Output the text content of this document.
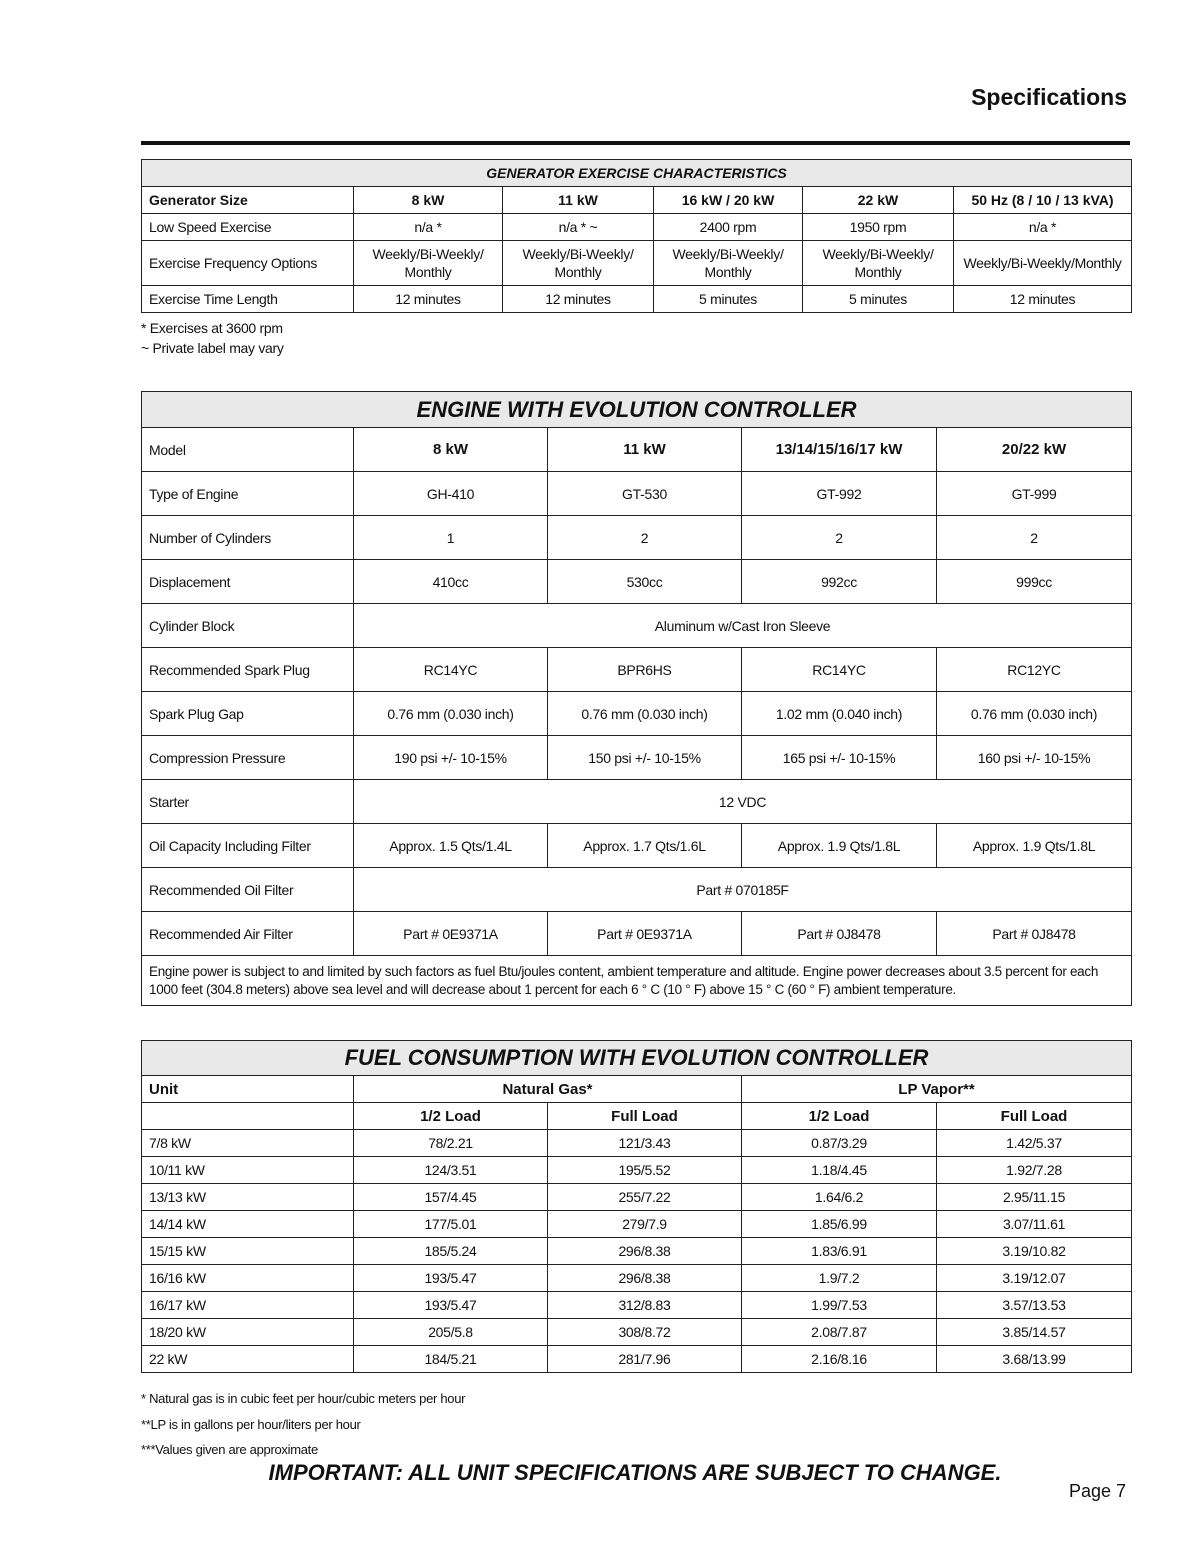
Specifications
GENERATOR EXERCISE CHARACTERISTICS					
Generator Size	8 kW	11 kW	16 kW / 20 kW	22 kW	50 Hz (8 / 10 / 13 kVA)
Low Speed Exercise	n/a *	n/a * ~	2400 rpm	1950 rpm	n/a *
Exercise Frequency Options	Weekly/Bi-Weekly/ Monthly	Weekly/Bi-Weekly/ Monthly	Weekly/Bi-Weekly/ Monthly	Weekly/Bi-Weekly/ Monthly	Weekly/Bi-Weekly/Monthly
Exercise Time Length	12 minutes	12 minutes	5 minutes	5 minutes	12 minutes
* Exercises at 3600 rpm
~ Private label may vary
ENGINE WITH EVOLUTION CONTROLLER				
Model	8 kW	11 kW	13/14/15/16/17 kW	20/22 kW
Type of Engine	GH-410	GT-530	GT-992	GT-999
Number of Cylinders	1	2	2	2
Displacement	410cc	530cc	992cc	999cc
Cylinder Block	Aluminum w/Cast Iron Sleeve			
Recommended Spark Plug	RC14YC	BPR6HS	RC14YC	RC12YC
Spark Plug Gap	0.76 mm (0.030 inch)	0.76 mm (0.030 inch)	1.02 mm (0.040 inch)	0.76 mm (0.030 inch)
Compression Pressure	190 psi +/- 10-15%	150 psi +/- 10-15%	165 psi +/- 10-15%	160 psi +/- 10-15%
Starter	12 VDC			
Oil Capacity Including Filter	Approx. 1.5 Qts/1.4L	Approx. 1.7 Qts/1.6L	Approx. 1.9 Qts/1.8L	Approx. 1.9 Qts/1.8L
Recommended Oil Filter	Part # 070185F			
Recommended Air Filter	Part # 0E9371A	Part # 0E9371A	Part # 0J8478	Part # 0J8478
Engine power is subject to and limited by such factors as fuel Btu/joules content, ambient temperature and altitude. Engine power decreases about 3.5 percent for each 1000 feet (304.8 meters) above sea level and will decrease about 1 percent for each 6 ° C (10 ° F) above 15 ° C (60 ° F) ambient temperature.				
FUEL CONSUMPTION WITH EVOLUTION CONTROLLER				
Unit	Natural Gas*		LP Vapor**	
	1/2 Load	Full Load	1/2 Load	Full Load
7/8 kW	78/2.21	121/3.43	0.87/3.29	1.42/5.37
10/11 kW	124/3.51	195/5.52	1.18/4.45	1.92/7.28
13/13 kW	157/4.45	255/7.22	1.64/6.2	2.95/11.15
14/14 kW	177/5.01	279/7.9	1.85/6.99	3.07/11.61
15/15 kW	185/5.24	296/8.38	1.83/6.91	3.19/10.82
16/16 kW	193/5.47	296/8.38	1.9/7.2	3.19/12.07
16/17 kW	193/5.47	312/8.83	1.99/7.53	3.57/13.53
18/20 kW	205/5.8	308/8.72	2.08/7.87	3.85/14.57
22 kW	184/5.21	281/7.96	2.16/8.16	3.68/13.99
* Natural gas is in cubic feet per hour/cubic meters per hour
**LP is in gallons per hour/liters per hour
***Values given are approximate
IMPORTANT: ALL UNIT SPECIFICATIONS ARE SUBJECT TO CHANGE.
Page 7
